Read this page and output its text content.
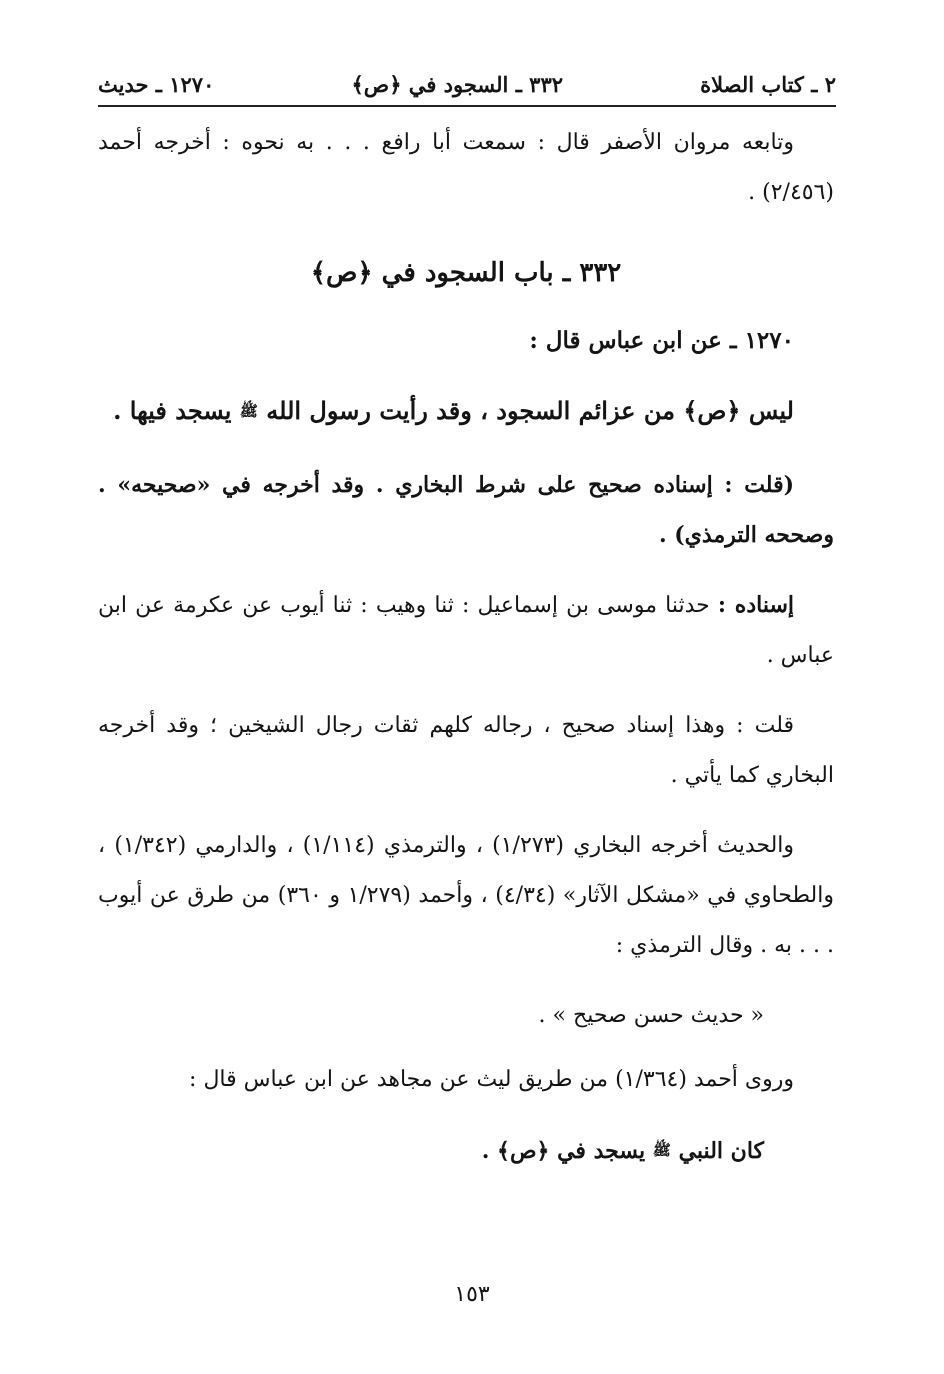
٢ ـ كتاب الصلاة
٣٣٢ ـ السجود في ﴿ص﴾
١٢٧٠ ـ حديث

وتابعه مروان الأصفر قال : سمعت أبا رافع . . . به نحوه : أخرجه أحمد (٢/٤٥٦) .

٣٣٢ ـ باب السجود في ﴿ص﴾

١٢٧٠ ـ عن ابن عباس قال :

ليس ﴿ص﴾ من عزائم السجود ، وقد رأيت رسول الله ﷺ يسجد فيها .

(قلت : إسناده صحيح على شرط البخاري . وقد أخرجه في «صحيحه» . وصححه الترمذي) .

إسناده : حدثنا موسى بن إسماعيل : ثنا وهيب : ثنا أيوب عن عكرمة عن ابن عباس .

قلت : وهذا إسناد صحيح ، رجاله كلهم ثقات رجال الشيخين ؛ وقد أخرجه البخاري كما يأتي .

والحديث أخرجه البخاري (١/٢٧٣) ، والترمذي (١/١١٤) ، والدارمي (١/٣٤٢) ، والطحاوي في «مشكل الآثار» (٤/٣٤) ، وأحمد (١/٢٧٩ و ٣٦٠) من طرق عن أيوب . . . به . وقال الترمذي :

« حديث حسن صحيح » .

وروى أحمد (١/٣٦٤) من طريق ليث عن مجاهد عن ابن عباس قال :

كان النبي ﷺ يسجد في ﴿ص﴾ .

١٥٣
